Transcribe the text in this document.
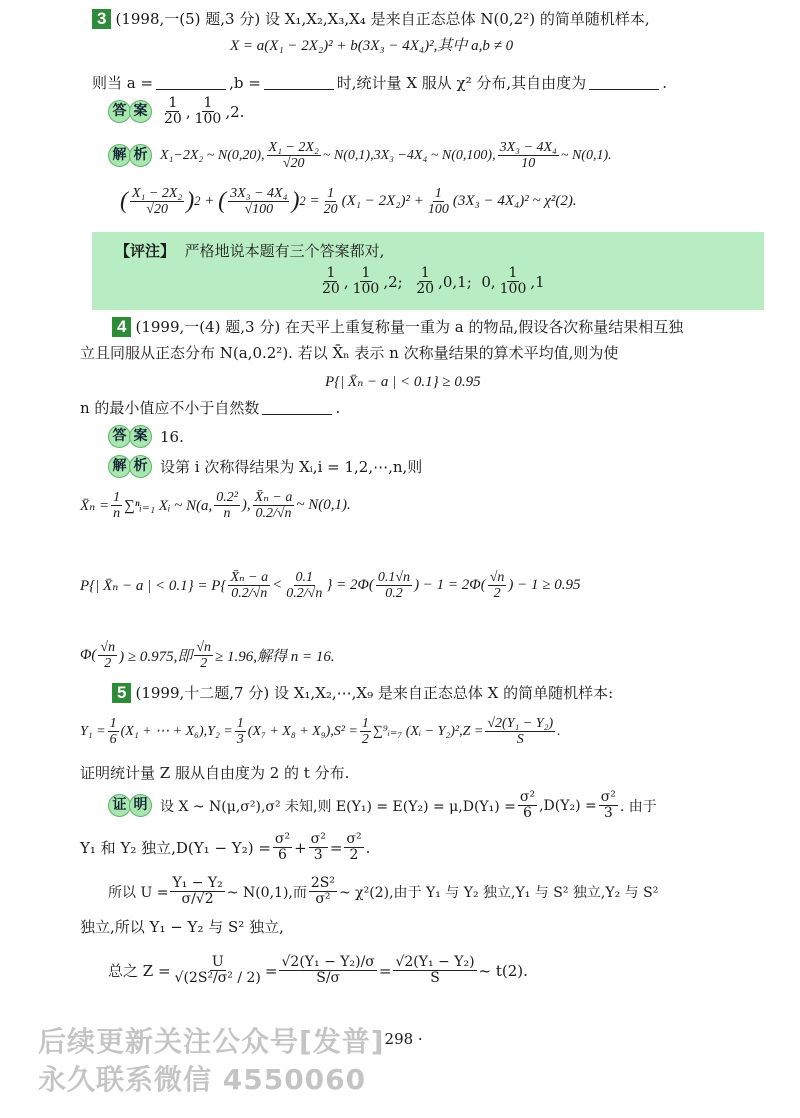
3 (1998,一(5) 题,3 分) 设 X₁,X₂,X₃,X₄ 是来自正态总体 N(0,2²) 的简单随机样本,
X = a(X₁ − 2X₂)² + b(3X₃ − 4X₄)²,其中 a,b ≠ 0
则当 a =	,b =	时,统计量 X 服从 χ² 分布,其自由度为	.
答 案	$\frac{1}{20}$ , $\frac{1}{100} ,2$.
解 析 X₁−2X₂ ~ N(0,20), $\frac{\text{X₁ − 2X₂}}{√20}$ ~ N(0,1),3X₃ −4X₄ ~ N(0,100), $\frac{\text{3X₃ − 4X₄}}{10}$ ~ N(0,1).
( $\frac{\text{X₁ − 2X₂}}{√20}$ ) 2
+
( $\frac{\text{3X₃ − 4X₄}}{√100}$ ) 2
= $\frac{1}{20} (X_1 - 2X_2)^2 + \frac{1}{100} (3X_3 - 4X_4)^2$ ~ χ²(2).
【评注】
严格地说本题有三个答案都对,
$\frac{1}{20}$ , $\frac{1}{100} ,2$;
$\frac{1}{20} ,0,1$;
0, $\frac{1}{100} ,1$
4 (1999,一(4) 题,3 分) 在天平上重复称量一重为 a 的物品,假设各次称量结果相互独
立且同服从正态分布 N(a,0.2²). 若以 X̄ₙ 表示 n 次称量结果的算术平均值,则为使
P{| X̄ₙ − a | < 0.1} ≥ 0.95
n 的最小值应不小于自然数	.
答 案 16.
解 析 设第 i 次称得结果为 Xᵢ,i = 1,2,⋯,n,则
X̄ₙ = $\frac{1}{n}$ ∑ⁿᵢ₌₁ Xᵢ ~ N(a, $\frac{\text{0.2²}}{n}$ ), $\frac{\text{X̄ₙ − a}}{0.2/√n}$ ~ N(0,1).
P{| X̄ₙ − a | < $0.1\} = P\{ \frac{\text{X̄ₙ − a}}{0.2/√n} < \frac{0.1}{0.2/√n}$ } = $2\Phi( \frac{0.1√n}{0.2}$ ) − $1 = 2\Phi( \frac{√n}{2}$ ) − 1 ≥ 0.95
$\Phi( \frac{√n}{2}$ ) ≥ 0.975,即 $\frac{√n}{2} \ge 1.96$,解得 n = 16.
5 (1999,十二题,7 分) 设 X₁,X₂,⋯,X₉ 是来自正态总体 X 的简单随机样本:
$Y_1 = \frac{1}{6} (X_1$ + ⋯ + $X_6),Y_2 = \frac{1}{3} (X_7 + X_8 + X_9),S^2 = \frac{1}{2}$ ∑⁹ᵢ₌₇ (Xᵢ − $Y_2)^2,Z = \frac{\text{√2(Y₁ − Y₂)}}{S}$ .
证明统计量 Z 服从自由度为 2 的 t 分布.
证 明 设 X ~ N(μ,σ²),σ² 未知,则 $E(Y_1) = E(Y_2) = \mu,D(Y_1) = \frac{\text{σ²}}{6} ,D(Y_2) = \frac{\text{σ²}}{3}$ . 由于
Y₁ 和 Y₂ 独立$,D(Y_1 - Y_2) = \frac{\text{σ²}}{6} + \frac{\text{σ²}}{3} = \frac{\text{σ²}}{2}$ .
所以 $U = \frac{\text{Y₁ − Y₂}}{\sigma/√2}$ ~ N(0,1),而 $\frac{\text{2S²}}{\text{σ²}}$ ~ χ²(2),由于 Y₁ 与 Y₂ 独立,Y₁ 与 S² 独立,Y₂ 与 S²
独立,所以 Y₁ − Y₂ 与 S² 独立,
总之 $Z = \frac{U}{\text{√(2S²/σ² / 2)}} = \frac{\text{√2(Y₁ − Y₂)/σ}}{S/\sigma} = \frac{\text{√2(Y₁ − Y₂)}}{S}$ ~ t(2).
· 298 ·
后续更新关注公众号[发普]
永久联系微信 4550060
